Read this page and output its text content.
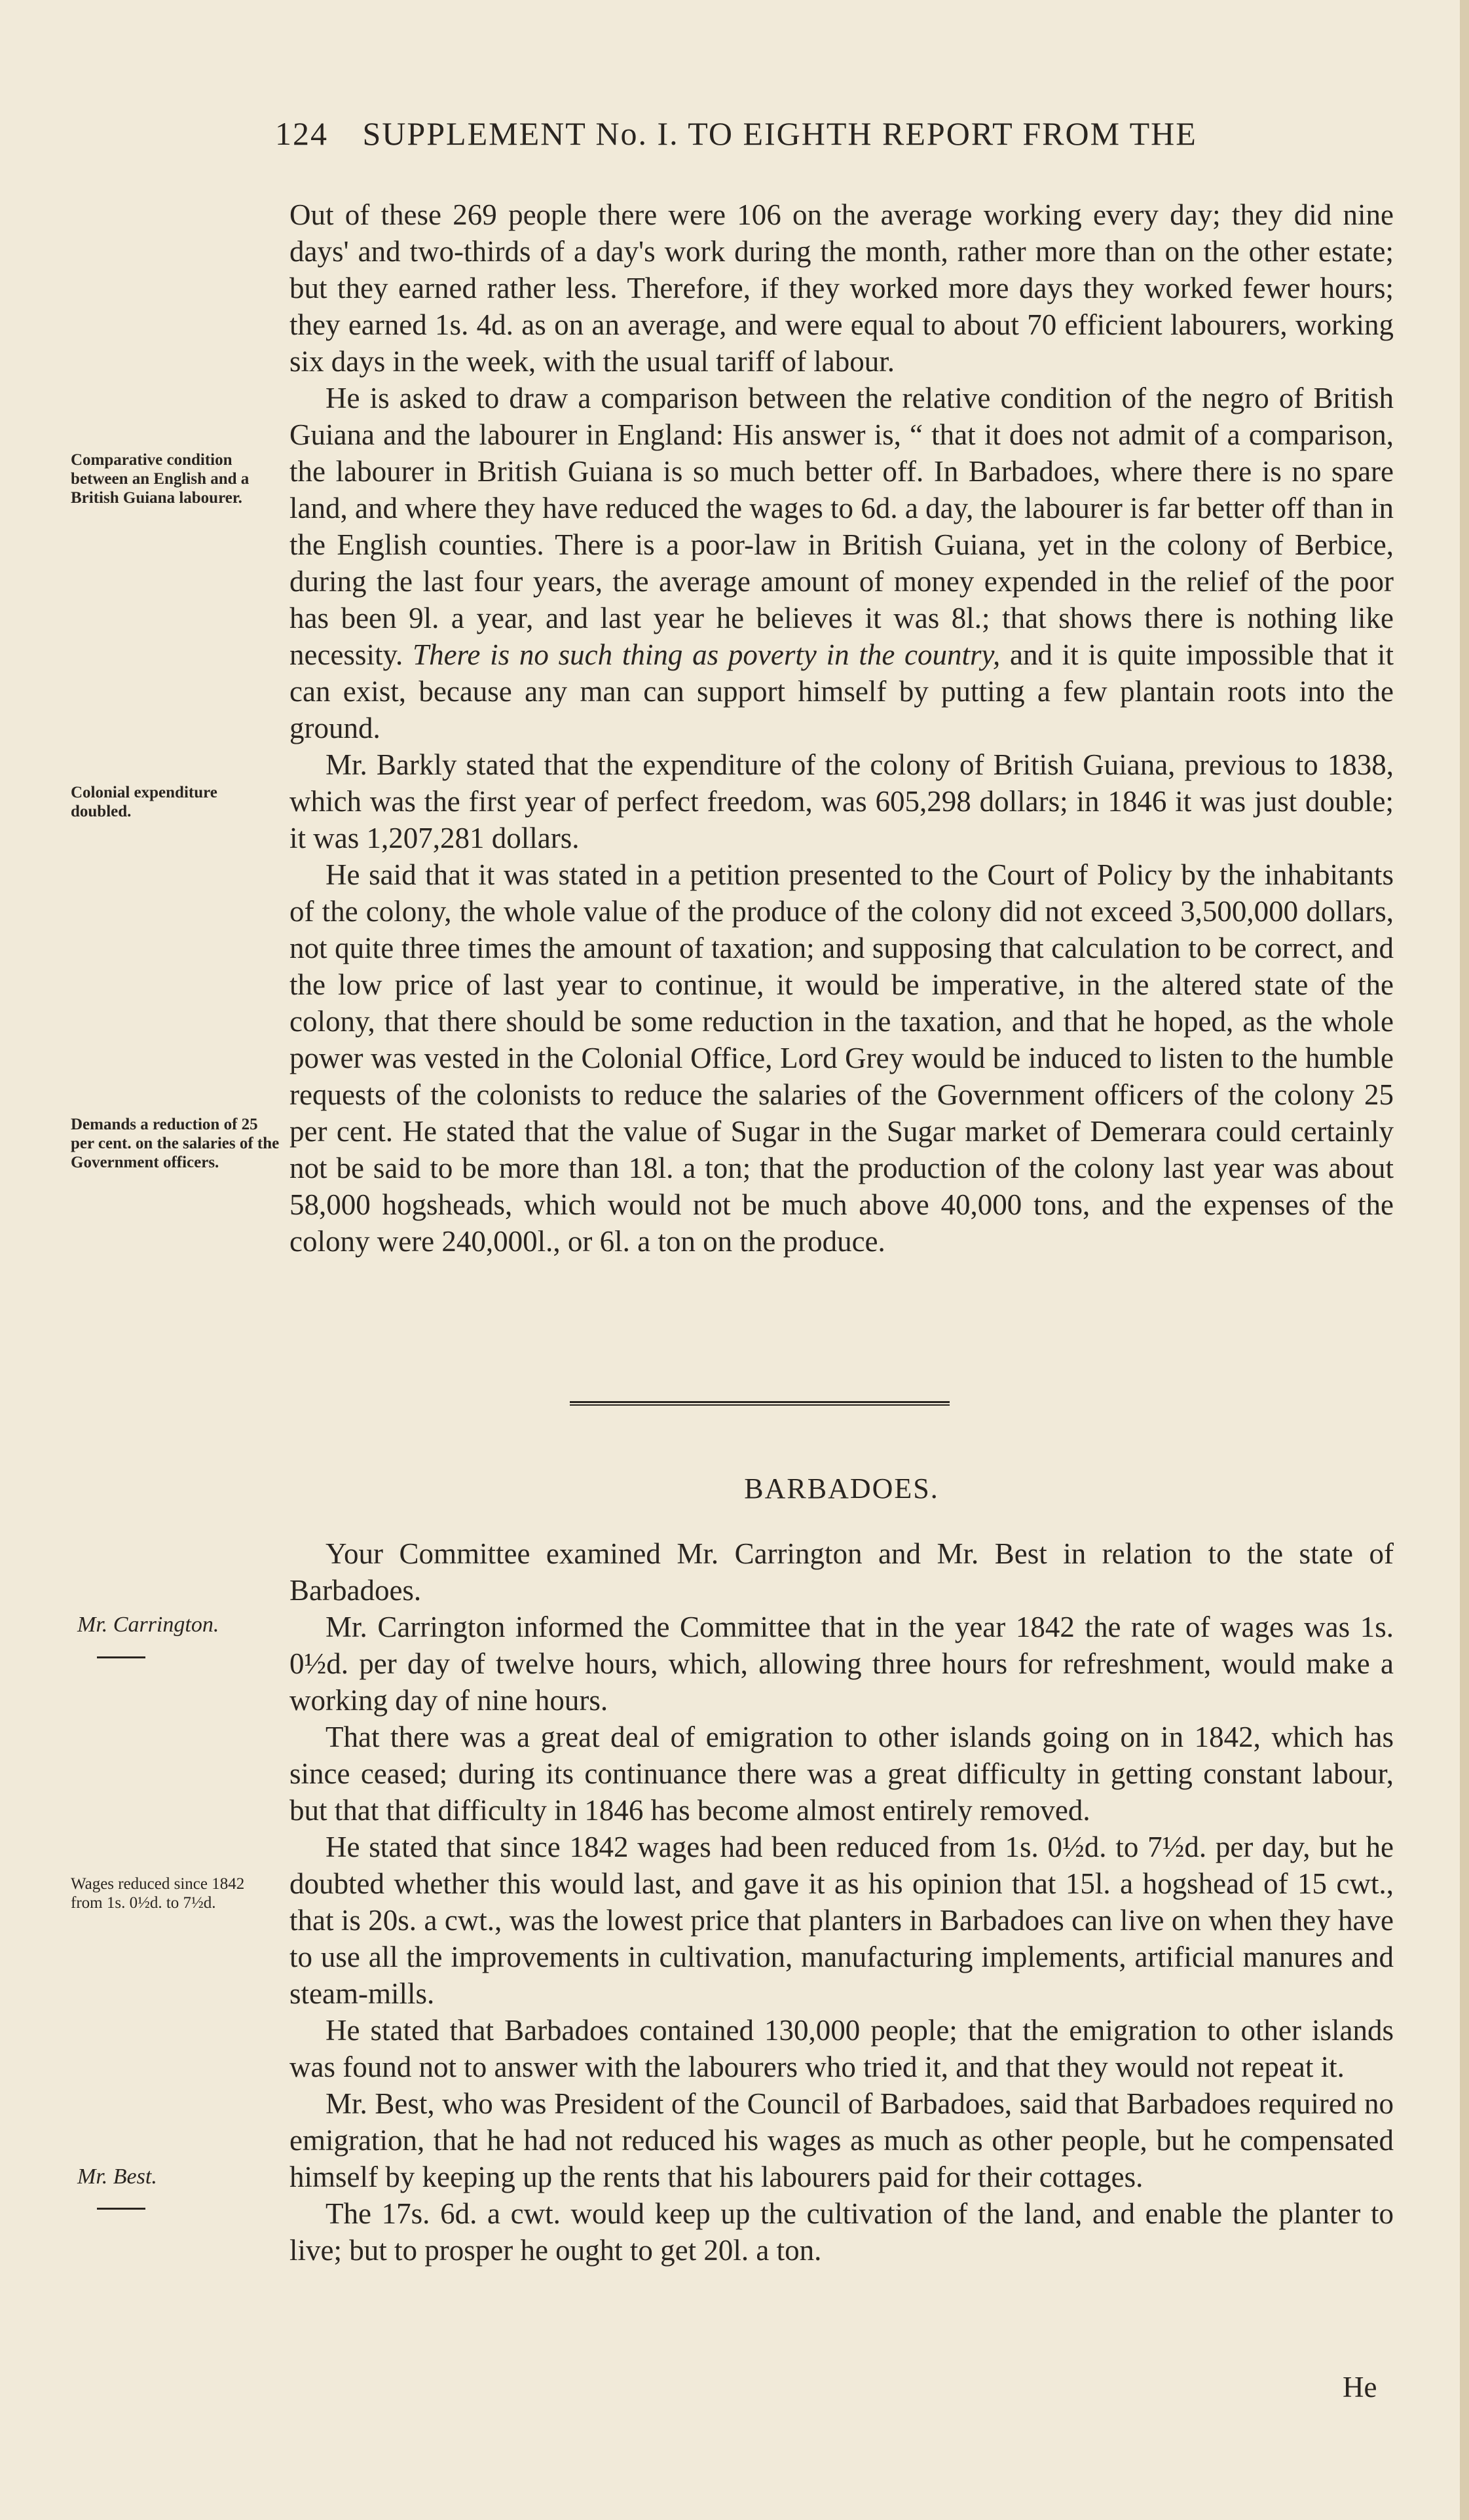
124 SUPPLEMENT No. I. TO EIGHTH REPORT FROM THE

Out of these 269 people there were 106 on the average working every day; they did nine days' and two-thirds of a day's work during the month, rather more than on the other estate; but they earned rather less. Therefore, if they worked more days they worked fewer hours; they earned 1s. 4d. as on an average, and were equal to about 70 efficient labourers, working six days in the week, with the usual tariff of labour.

He is asked to draw a comparison between the relative condition of the negro of British Guiana and the labourer in England: His answer is, “ that it does not admit of a comparison, the labourer in British Guiana is so much better off. In Barbadoes, where there is no spare land, and where they have reduced the wages to 6d. a day, the labourer is far better off than in the English counties. There is a poor-law in British Guiana, yet in the colony of Berbice, during the last four years, the average amount of money expended in the relief of the poor has been 9l. a year, and last year he believes it was 8l.; that shows there is nothing like necessity. There is no such thing as poverty in the country, and it is quite impossible that it can exist, because any man can support himself by putting a few plantain roots into the ground.

Mr. Barkly stated that the expenditure of the colony of British Guiana, previous to 1838, which was the first year of perfect freedom, was 605,298 dollars; in 1846 it was just double; it was 1,207,281 dollars.

He said that it was stated in a petition presented to the Court of Policy by the inhabitants of the colony, the whole value of the produce of the colony did not exceed 3,500,000 dollars, not quite three times the amount of taxation; and supposing that calculation to be correct, and the low price of last year to continue, it would be imperative, in the altered state of the colony, that there should be some reduction in the taxation, and that he hoped, as the whole power was vested in the Colonial Office, Lord Grey would be induced to listen to the humble requests of the colonists to reduce the salaries of the Government officers of the colony 25 per cent. He stated that the value of Sugar in the Sugar market of Demerara could certainly not be said to be more than 18l. a ton; that the production of the colony last year was about 58,000 hogsheads, which would not be much above 40,000 tons, and the expenses of the colony were 240,000l., or 6l. a ton on the produce.

Comparative condition between an English and a British Guiana labourer.
Colonial expenditure doubled.
Demands a reduction of 25 per cent. on the salaries of the Government officers.
BARBADOES.
Mr. Carrington.
Wages reduced since 1842 from 1s. 0½d. to 7½d.
Mr. Best.

Your Committee examined Mr. Carrington and Mr. Best in relation to the state of Barbadoes.

Mr. Carrington informed the Committee that in the year 1842 the rate of wages was 1s. 0½d. per day of twelve hours, which, allowing three hours for refreshment, would make a working day of nine hours.

That there was a great deal of emigration to other islands going on in 1842, which has since ceased; during its continuance there was a great difficulty in getting constant labour, but that that difficulty in 1846 has become almost entirely removed.

He stated that since 1842 wages had been reduced from 1s. 0½d. to 7½d. per day, but he doubted whether this would last, and gave it as his opinion that 15l. a hogshead of 15 cwt., that is 20s. a cwt., was the lowest price that planters in Barbadoes can live on when they have to use all the improvements in cultivation, manufacturing implements, artificial manures and steam-mills.

He stated that Barbadoes contained 130,000 people; that the emigration to other islands was found not to answer with the labourers who tried it, and that they would not repeat it.

Mr. Best, who was President of the Council of Barbadoes, said that Barbadoes required no emigration, that he had not reduced his wages as much as other people, but he compensated himself by keeping up the rents that his labourers paid for their cottages.

The 17s. 6d. a cwt. would keep up the cultivation of the land, and enable the planter to live; but to prosper he ought to get 20l. a ton.

He
